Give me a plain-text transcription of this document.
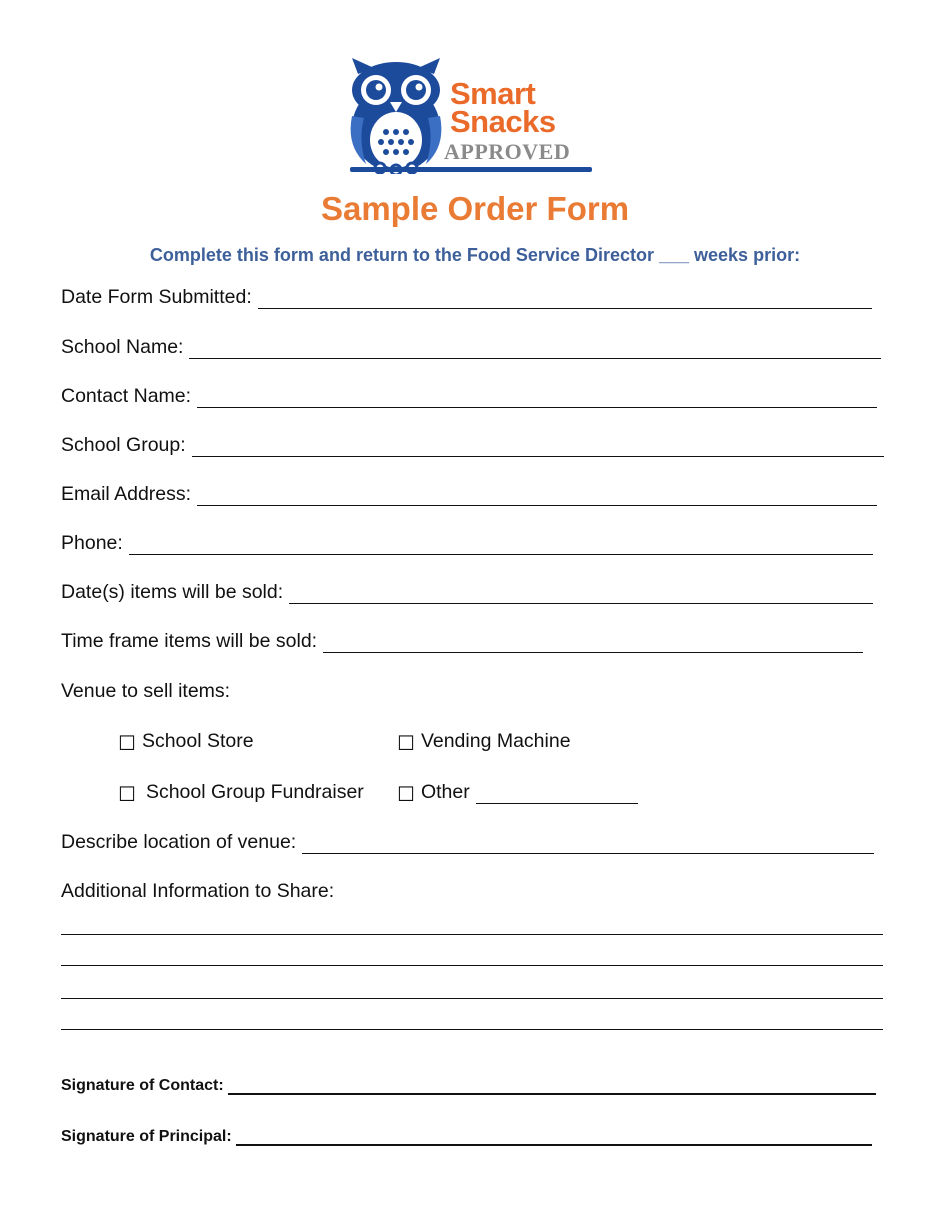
Smart
Snacks
APPROVED
Sample Order Form
Complete this form and return to the Food Service Director ___ weeks prior:
Date Form Submitted:
School Name:
Contact Name:
School Group:
Email Address:
Phone:
Date(s) items will be sold:
Time frame items will be sold:
Venue to sell items:
☐ School Store	☐ Vending Machine
☐ School Group Fundraiser ☐ Other
Describe location of venue:
Additional Information to Share:
Signature of Contact:
Signature of Principal:
